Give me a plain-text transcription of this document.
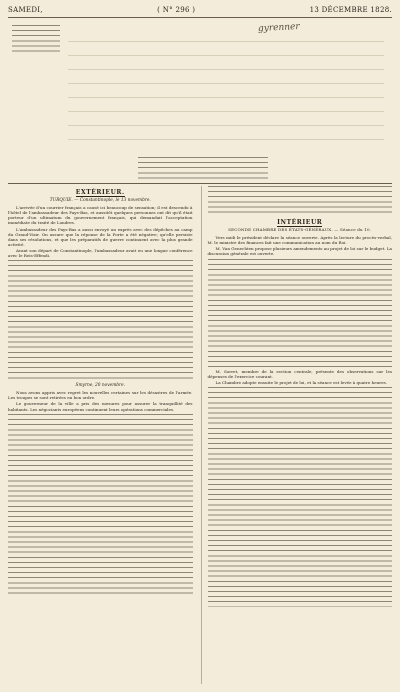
SAMEDI,	( N° 296 )	13 DÉCEMBRE 1828.
gyrenner
EXTÉRIEUR.
TURQUIE. — Constantinople, le 13 novembre.

L'arrivée d'un courrier français a causé ici beaucoup de sensation; il est descendu à l'hôtel de l'ambassadeur des Pays-Bas, et aussitôt quelques personnes ont dit qu'il était porteur d'un ultimatum du gouvernement français, qui demandait l'acceptation immédiate du traité de Londres.

L'ambassadeur des Pays-Bas a aussi envoyé un exprès avec des dépêches au camp du Grand-Vizir. On assure que la réponse de la Porte a été négative; qu'elle persiste dans ses résolutions, et que les préparatifs de guerre continuent avec la plus grande activité.

Avant son départ de Constantinople, l'ambassadeur avait eu une longue conférence avec le Reis-Effendi.

Smyrne, 20 novembre.

Nous avons appris avec regret les nouvelles certaines sur les désastres de l'armée. Les troupes se sont retirées en bon ordre.

Le gouverneur de la ville a pris des mesures pour assurer la tranquillité des habitants. Les négociants européens continuent leurs opérations commerciales.

INTÉRIEUR
SECONDE CHAMBRE DES ÉTATS-GÉNÉRAUX. — Séance du 10.

Vers midi le président déclare la séance ouverte. Après la lecture du procès-verbal, M. le ministre des finances fait une communication au nom du Roi.

M. Van Genechten propose plusieurs amendements au projet de loi sur le budget. La discussion générale est ouverte.

M. Sorret, membre de la section centrale, présente des observations sur les dépenses de l'exercice courant.

La Chambre adopte ensuite le projet de loi, et la séance est levée à quatre heures.
